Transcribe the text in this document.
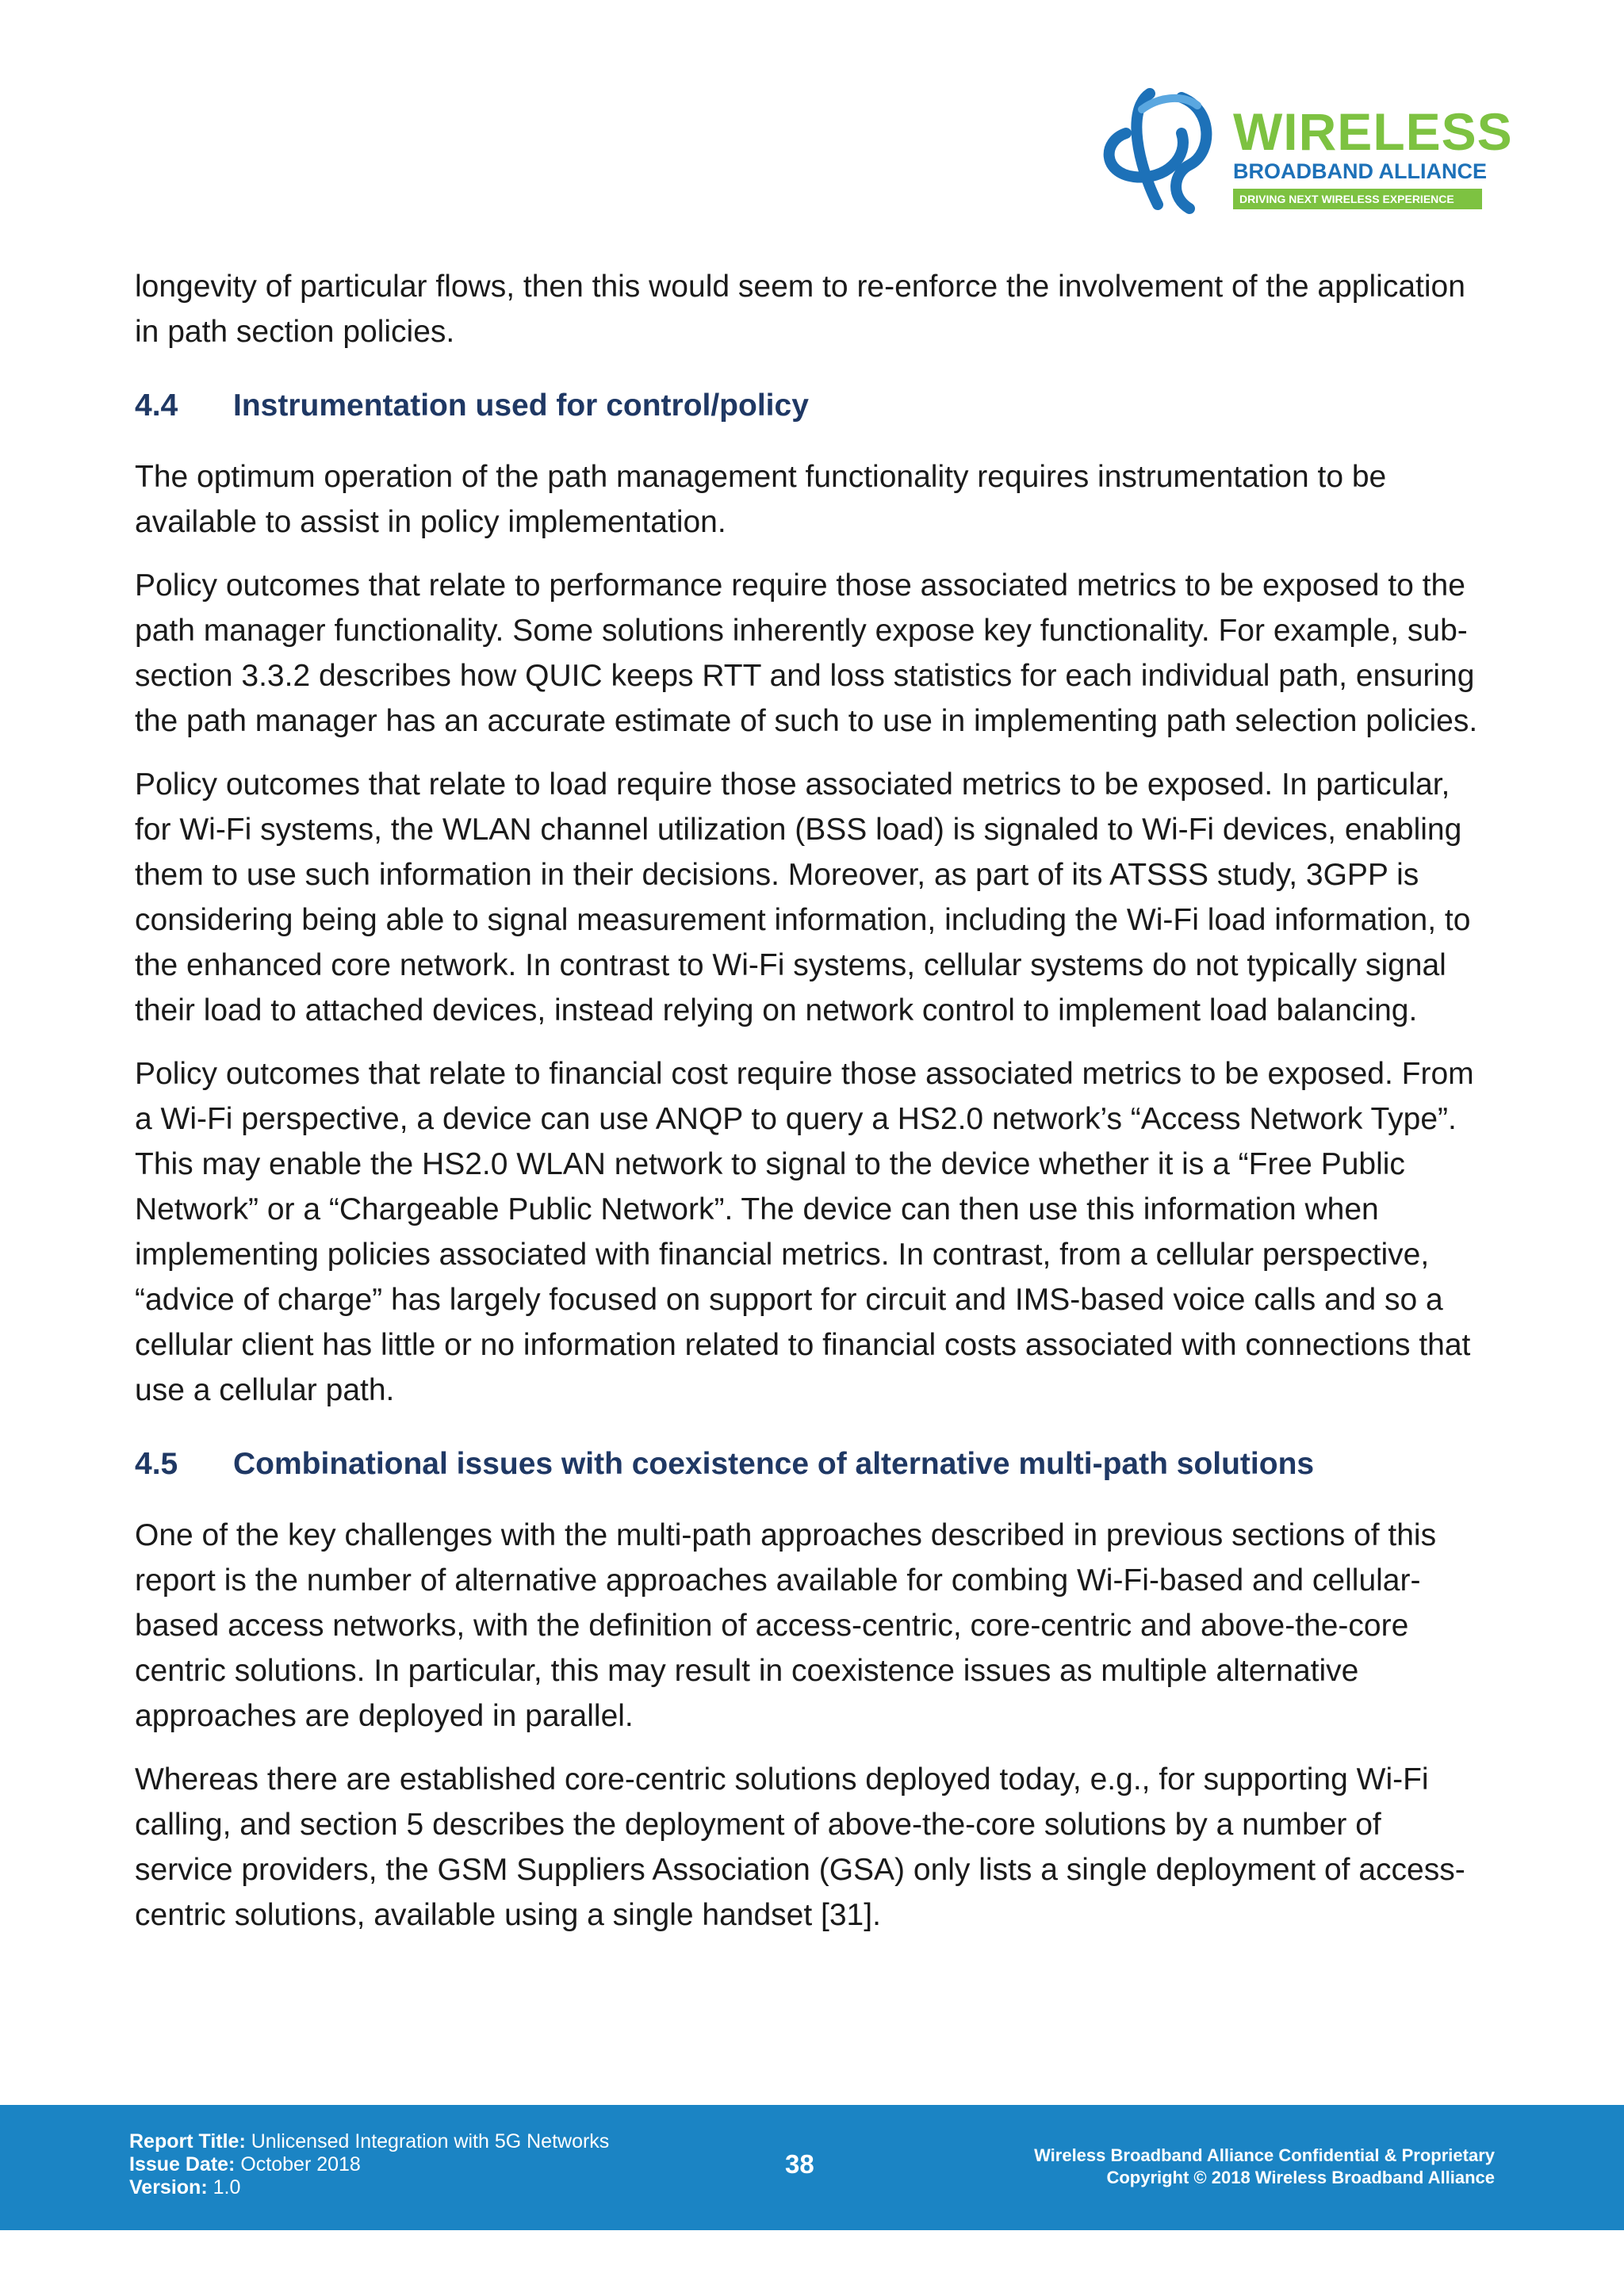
WIRELESS
BROADBAND ALLIANCE
DRIVING NEXT WIRELESS EXPERIENCE

longevity of particular flows, then this would seem to re-enforce the involvement of the application in path section policies.

4.4	Instrumentation used for control/policy

The optimum operation of the path management functionality requires instrumentation to be available to assist in policy implementation.

Policy outcomes that relate to performance require those associated metrics to be exposed to the path manager functionality. Some solutions inherently expose key functionality. For example, sub-section 3.3.2 describes how QUIC keeps RTT and loss statistics for each individual path, ensuring the path manager has an accurate estimate of such to use in implementing path selection policies.

Policy outcomes that relate to load require those associated metrics to be exposed. In particular, for Wi-Fi systems, the WLAN channel utilization (BSS load) is signaled to Wi-Fi devices, enabling them to use such information in their decisions. Moreover, as part of its ATSSS study, 3GPP is considering being able to signal measurement information, including the Wi-Fi load information, to the enhanced core network. In contrast to Wi-Fi systems, cellular systems do not typically signal their load to attached devices, instead relying on network control to implement load balancing.

Policy outcomes that relate to financial cost require those associated metrics to be exposed. From a Wi-Fi perspective, a device can use ANQP to query a HS2.0 network’s “Access Network Type”. This may enable the HS2.0 WLAN network to signal to the device whether it is a “Free Public Network” or a “Chargeable Public Network”. The device can then use this information when implementing policies associated with financial metrics. In contrast, from a cellular perspective, “advice of charge” has largely focused on support for circuit and IMS-based voice calls and so a cellular client has little or no information related to financial costs associated with connections that use a cellular path.

4.5	Combinational issues with coexistence of alternative multi-path solutions

One of the key challenges with the multi-path approaches described in previous sections of this report is the number of alternative approaches available for combing Wi-Fi-based and cellular-based access networks, with the definition of access-centric, core-centric and above-the-core centric solutions. In particular, this may result in coexistence issues as multiple alternative approaches are deployed in parallel.

Whereas there are established core-centric solutions deployed today, e.g., for supporting Wi-Fi calling, and section 5 describes the deployment of above-the-core solutions by a number of service providers, the GSM Suppliers Association (GSA) only lists a single deployment of access-centric solutions, available using a single handset [31].

Report Title: Unlicensed Integration with 5G Networks
Issue Date: October 2018
Version: 1.0
38	Wireless Broadband Alliance Confidential & Proprietary
Copyright © 2018 Wireless Broadband Alliance
